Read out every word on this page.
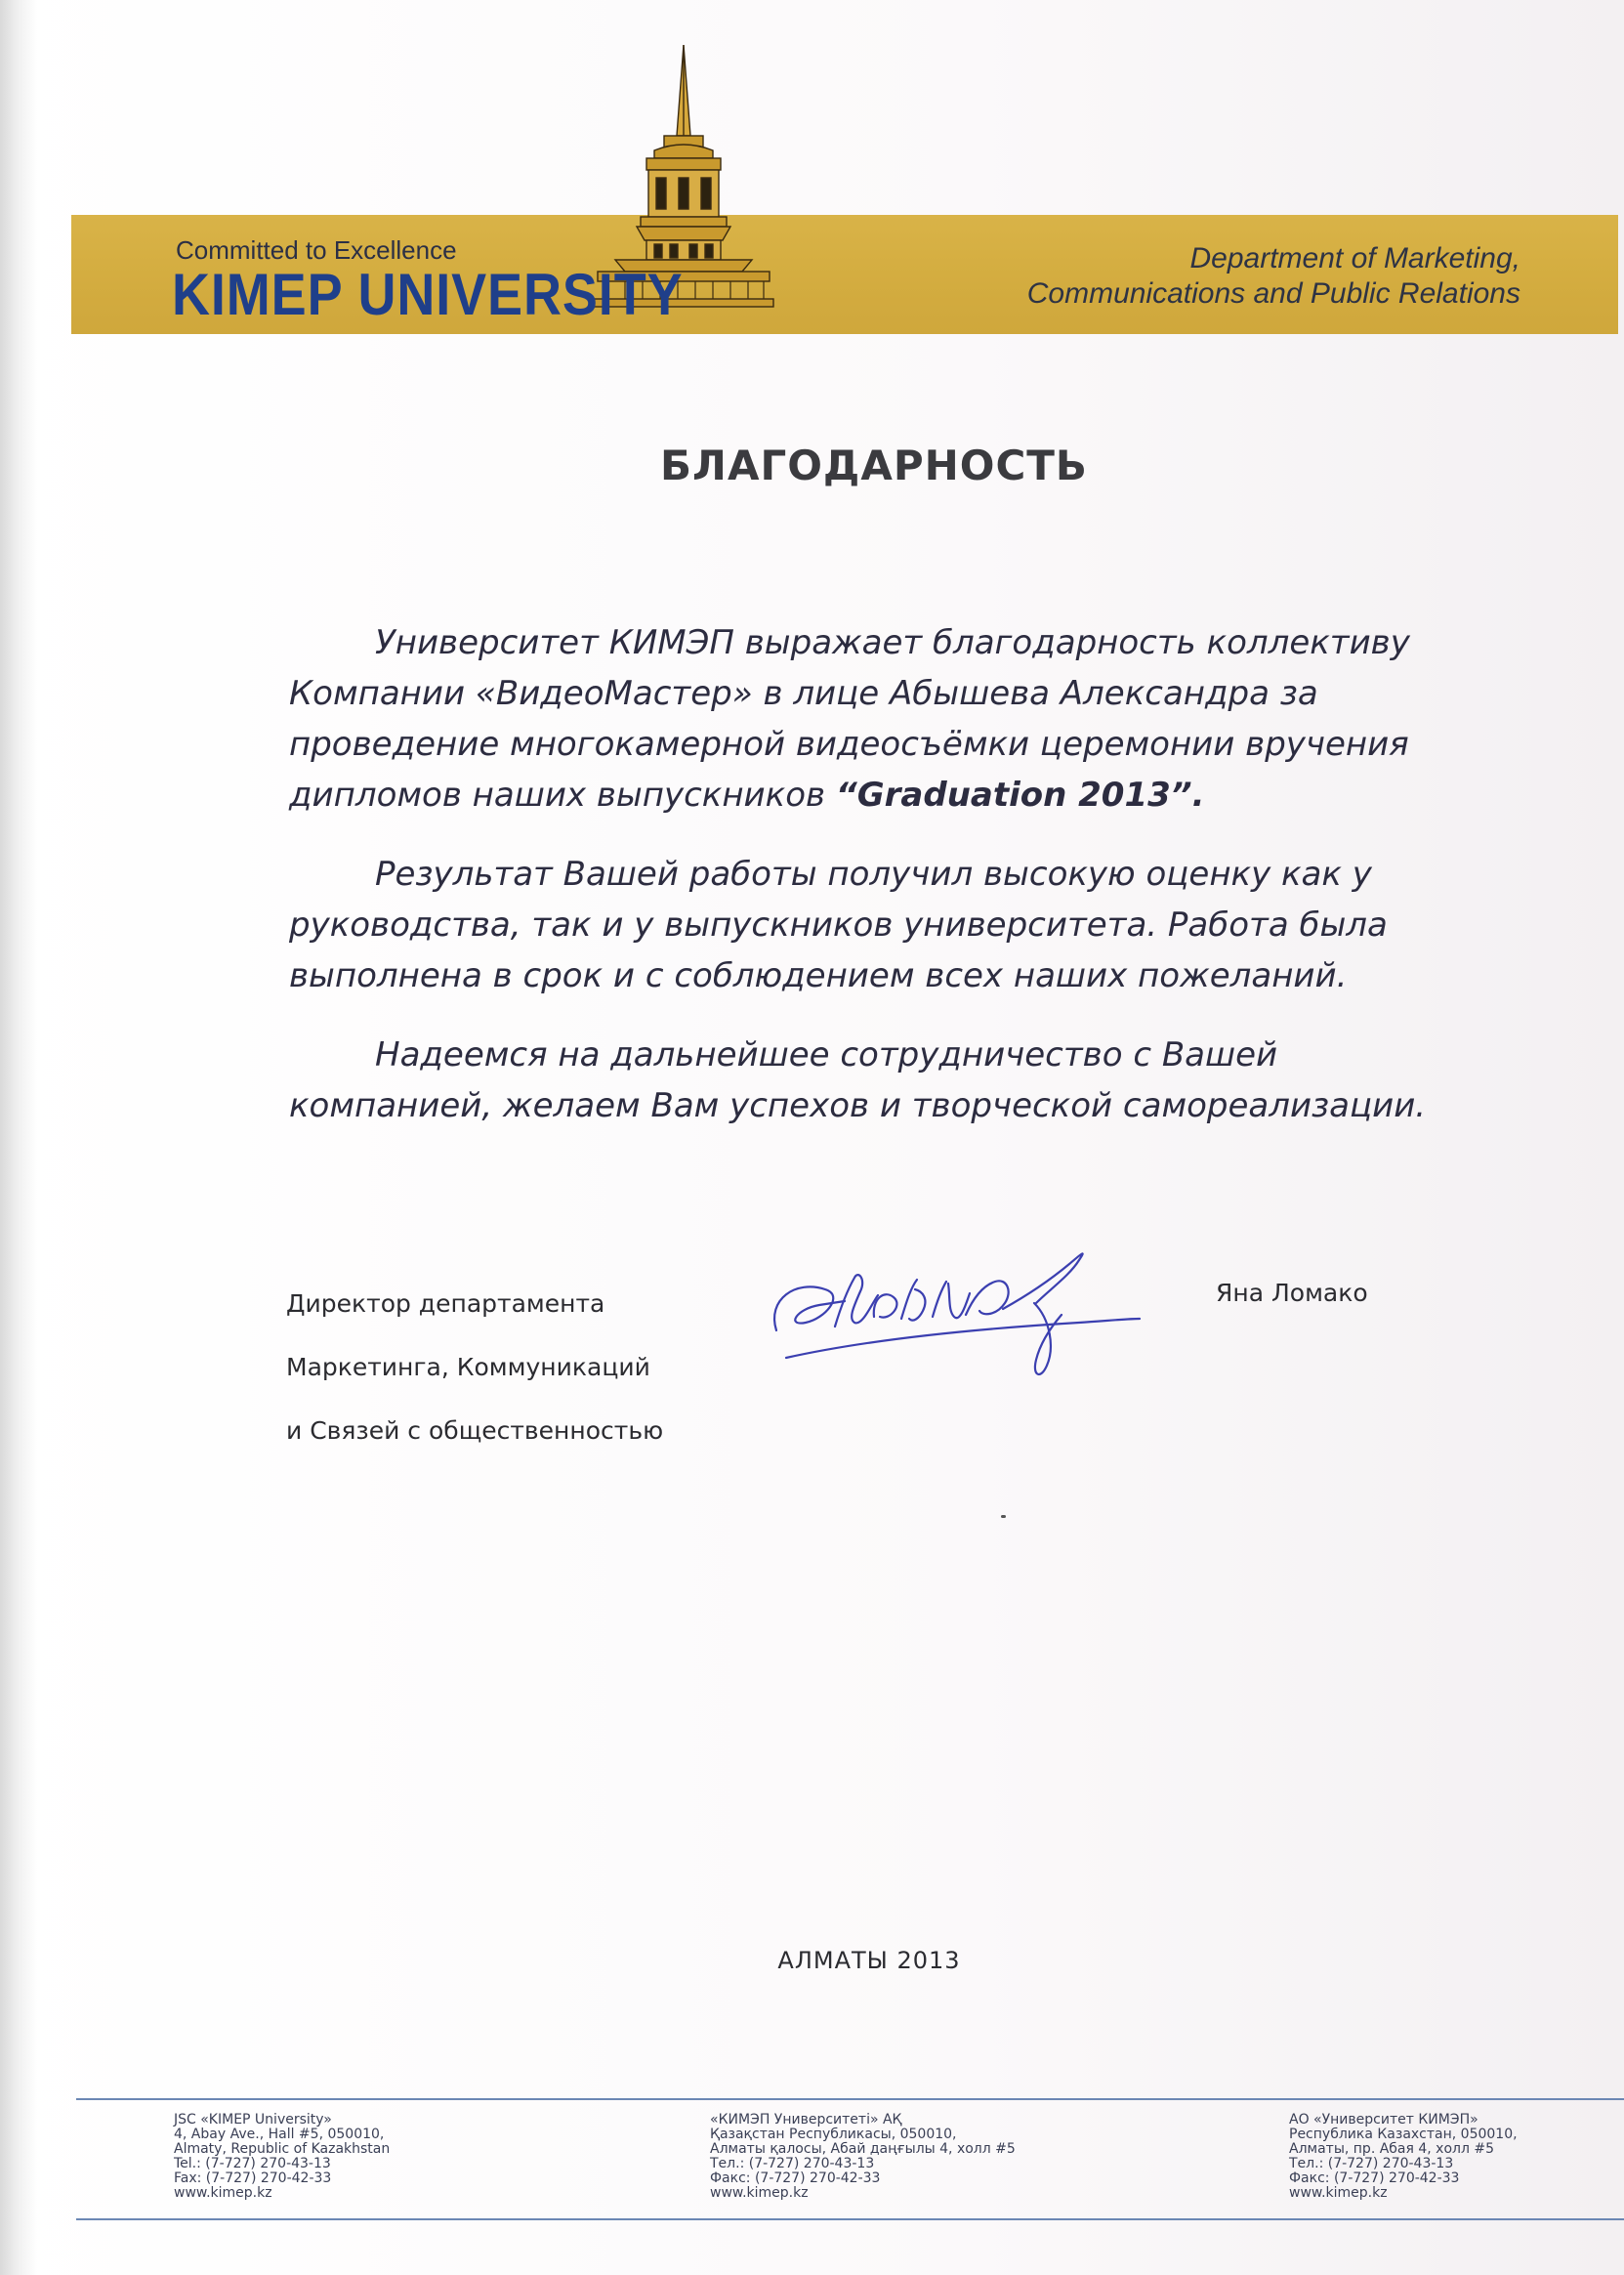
Committed to Excellence
KIMEP UNIVERSITY
Department of Marketing,
Communications and Public Relations
БЛАГОДАРНОСТЬ

Университет КИМЭП выражает благодарность коллективу Компании «ВидеоМастер» в лице Абышева Александра за проведение многокамерной видеосъёмки церемонии вручения дипломов наших выпускников “Graduation 2013”.

Результат Вашей работы получил высокую оценку как у руководства, так и у выпускников университета. Работа была выполнена в срок и с соблюдением всех наших пожеланий.

Надеемся на дальнейшее сотрудничество с Вашей компанией, желаем Вам успехов и творческой самореализации.

Директор департамента
Маркетинга, Коммуникаций
и Связей с общественностью
Яна Ломако
АЛМАТЫ 2013
JSC «KIMEP University»
4, Abay Ave., Hall #5, 050010,
Almaty, Republic of Kazakhstan
Tel.: (7-727) 270-43-13
Fax: (7-727) 270-42-33
www.kimep.kz
«КИМЭП Университеті» АҚ
Қазақстан Республикасы, 050010,
Алматы қалосы, Абай даңғылы 4, холл #5
Тел.: (7-727) 270-43-13
Факс: (7-727) 270-42-33
www.kimep.kz
АО «Университет КИМЭП»
Республика Казахстан, 050010,
Алматы, пр. Абая 4, холл #5
Тел.: (7-727) 270-43-13
Факс: (7-727) 270-42-33
www.kimep.kz
